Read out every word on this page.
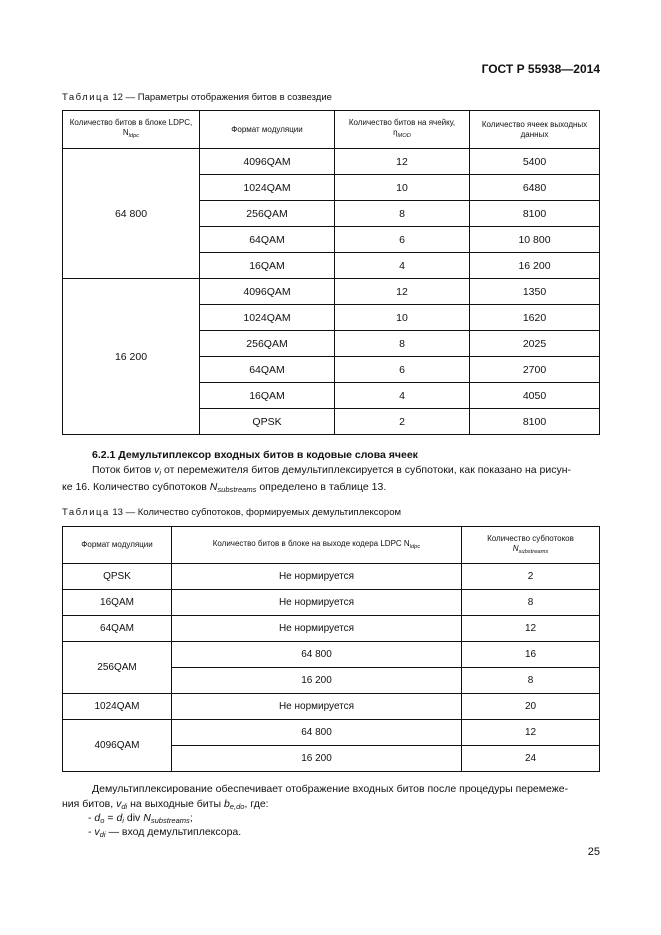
ГОСТ Р 55938—2014
Таблица 12 — Параметры отображения битов в созвездие
Количество битов в блоке LDPC, $N_{ldpc}$	Формат модуляции	Количество битов на ячейку,
$\eta_{MOD}$	Количество ячеек выходных данных
64 800	4096QAM	12	5400
	1024QAM	10	6480
	256QAM	8	8100
	64QAM	6	10 800
	16QAM	4	16 200
16 200	4096QAM	12	1350
	1024QAM	10	1620
	256QAM	8	2025
	64QAM	6	2700
	16QAM	4	4050
	QPSK	2	8100
6.2.1 Демультиплексор входных битов в кодовые слова ячеек
Поток битов $v_i$ от перемежителя битов демультиплексируется в субпотоки, как показано на рисун-
ке 16. Количество субпотоков $N_{substreams}$ определено в таблице 13.
Таблица 13 — Количество субпотоков, формируемых демультиплексором
Формат модуляции	Количество битов в блоке на выходе кодера LDPC $N_{ldpc}$	Количество субпотоков
$N_{substreams}$
QPSK	Не нормируется	2
16QAM	Не нормируется	8
64QAM	Не нормируется	12
256QAM	64 800	16
	16 200	8
1024QAM	Не нормируется	20
4096QAM	64 800	12
	16 200	24
Демультиплексирование обеспечивает отображение входных битов после процедуры перемеже-
ния битов, $v_{di}$ на выходные биты $b_{e,do}$, где:
- $d_o = d_i$ div $N_{substreams}$;
- $v_{di}$ — вход демультиплексора.
25
